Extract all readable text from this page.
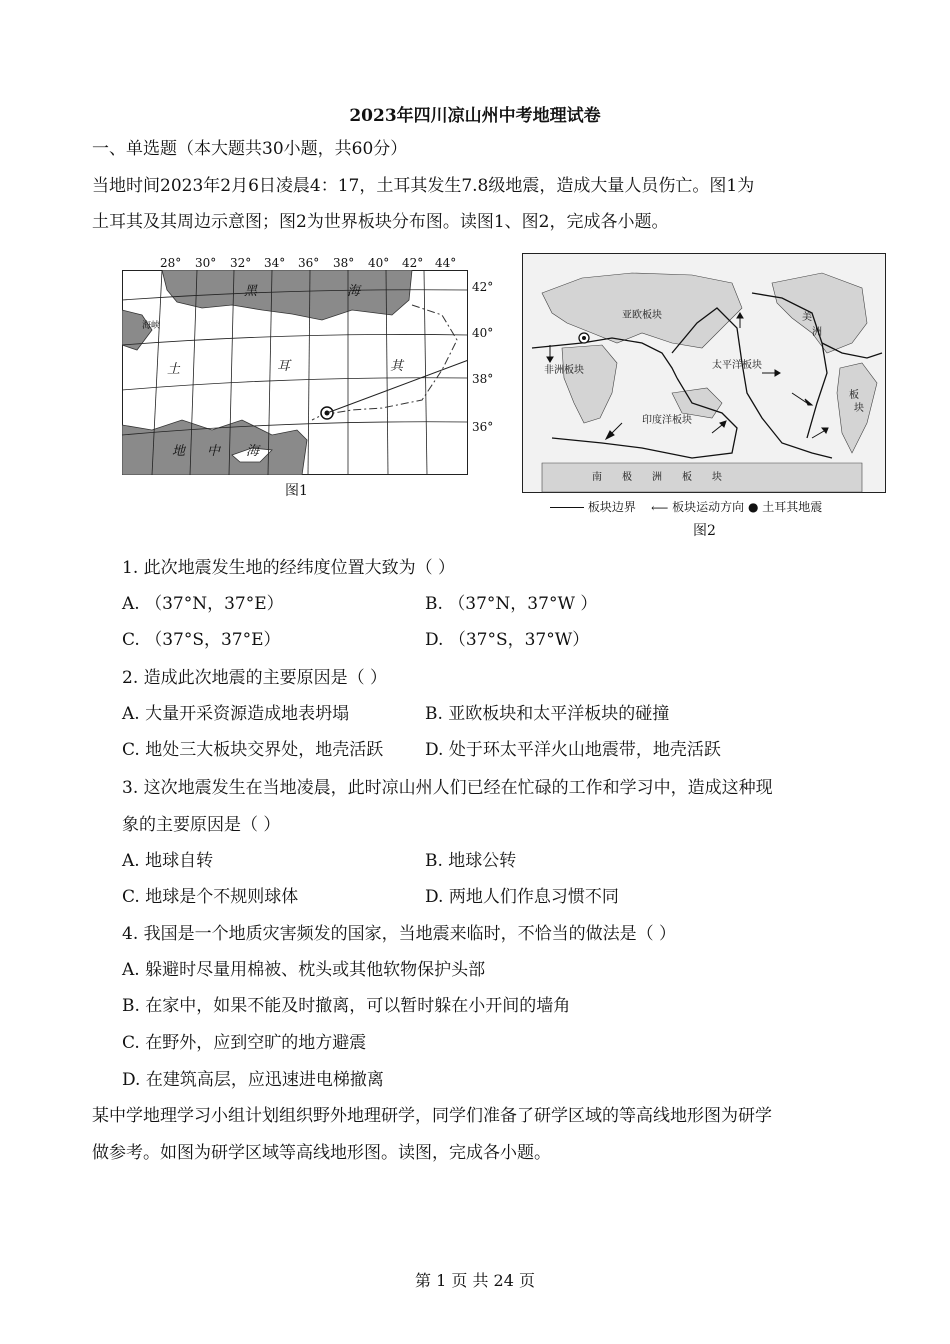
2023年四川凉山州中考地理试卷
一、单选题（本大题共30小题，共60分）
当地时间2023年2月6日凌晨4：17，土耳其发生7.8级地震，造成大量人员伤亡。图1为
土耳其及其周边示意图；图2为世界板块分布图。读图1、图2，完成各小题。
黑	海
土	耳	其
地 中 海
海峡
28° 30° 32° 34° 36° 38° 40° 42° 44°
42°
40°
38°
36°
图1
亚欧板块
非洲板块	太平洋板块
印度洋板块
美
洲
板
块
南 极 洲 板 块
板块边界 ⟵ 板块运动方向 ● 土耳其地震
图2
1. 此次地震发生地的经纬度位置大致为（ ）
A. （37°N，37°E）	B. （37°N，37°W ）
C. （37°S，37°E）	D. （37°S，37°W）
2. 造成此次地震的主要原因是（ ）
A. 大量开采资源造成地表坍塌	B. 亚欧板块和太平洋板块的碰撞
C. 地处三大板块交界处，地壳活跃 D. 处于环太平洋火山地震带，地壳活跃
3. 这次地震发生在当地凌晨，此时凉山州人们已经在忙碌的工作和学习中，造成这种现
象的主要原因是（ ）
A. 地球自转	B. 地球公转
C. 地球是个不规则球体	D. 两地人们作息习惯不同
4. 我国是一个地质灾害频发的国家，当地震来临时，不恰当的做法是（ ）
A. 躲避时尽量用棉被、枕头或其他软物保护头部
B. 在家中，如果不能及时撤离，可以暂时躲在小开间的墙角
C. 在野外，应到空旷的地方避震
D. 在建筑高层，应迅速进电梯撤离
某中学地理学习小组计划组织野外地理研学，同学们准备了研学区域的等高线地形图为研学
做参考。如图为研学区域等高线地形图。读图，完成各小题。
第 1 页 共 24 页
